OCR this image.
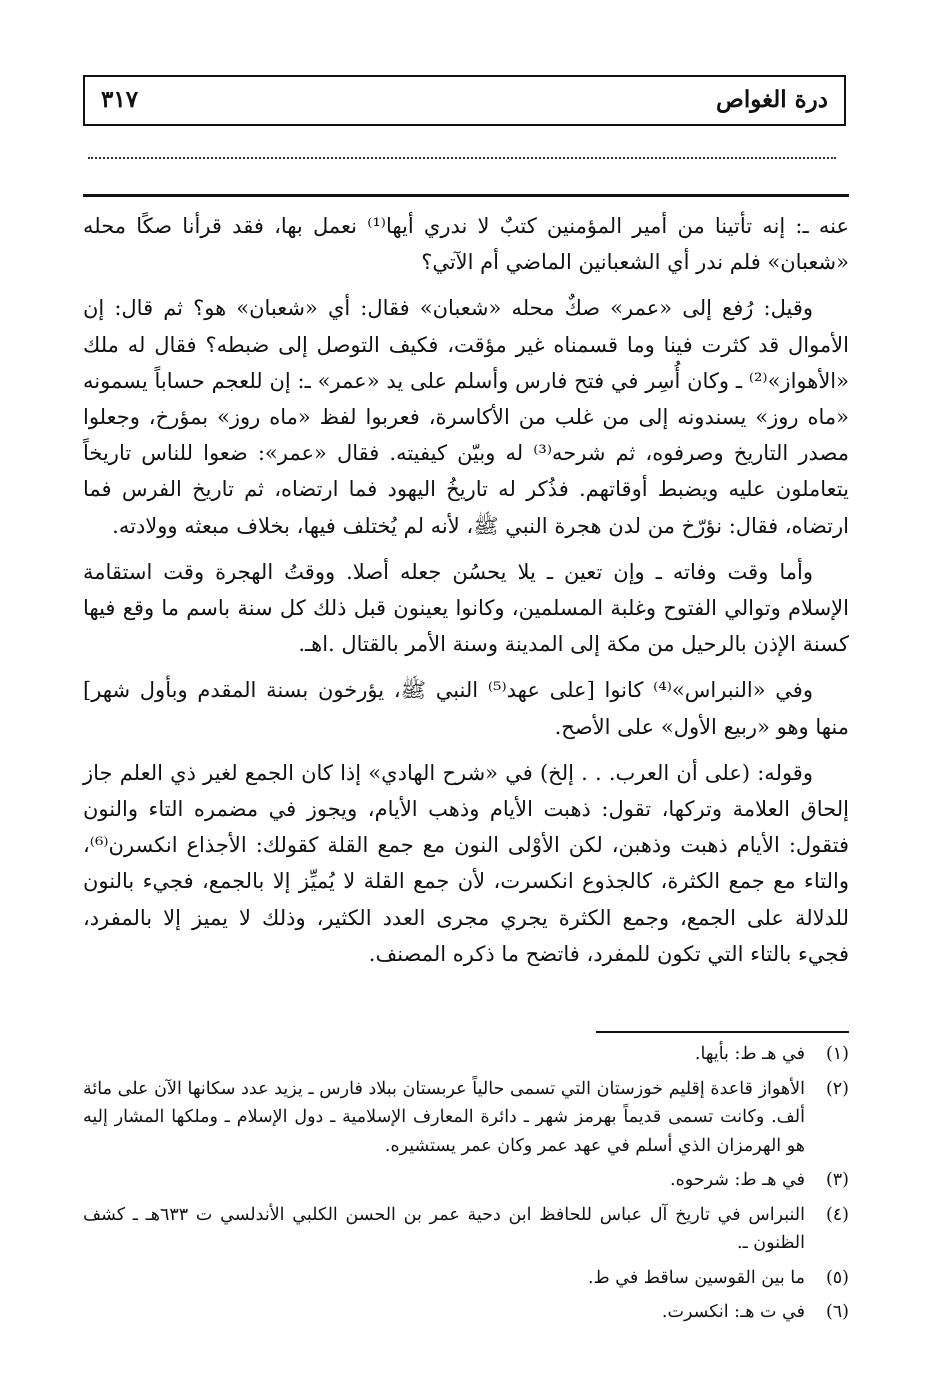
درة الغواص
٣١٧

عنه ـ: إنه تأتينا من أمير المؤمنين كتبٌ لا ندري أيها⁽¹⁾ نعمل بها، فقد قرأنا صكًا محله «شعبان» فلم ندر أي الشعبانين الماضي أم الآتي؟

وقيل: رُفع إلى «عمر» صكٌ محله «شعبان» فقال: أي «شعبان» هو؟ ثم قال: إن الأموال قد كثرت فينا وما قسمناه غير مؤقت، فكيف التوصل إلى ضبطه؟ فقال له ملك «الأهواز»⁽²⁾ ـ وكان أُسِر في فتح فارس وأسلم على يد «عمر» ـ: إن للعجم حساباً يسمونه «ماه روز» يسندونه إلى من غلب من الأكاسرة، فعربوا لفظ «ماه روز» بمؤرخ، وجعلوا مصدر التاريخ وصرفوه، ثم شرحه⁽³⁾ له وبيّن كيفيته. فقال «عمر»: ضعوا للناس تاريخاً يتعاملون عليه ويضبط أوقاتهم. فذُكر له تاريخُ اليهود فما ارتضاه، ثم تاريخ الفرس فما ارتضاه، فقال: نؤرّخ من لدن هجرة النبي ﷺ، لأنه لم يُختلف فيها، بخلاف مبعثه وولادته.

وأما وقت وفاته ـ وإن تعين ـ يلا يحسُن جعله أصلا. ووقتُ الهجرة وقت استقامة الإسلام وتوالي الفتوح وغلبة المسلمين، وكانوا يعينون قبل ذلك كل سنة باسم ما وقع فيها كسنة الإذن بالرحيل من مكة إلى المدينة وسنة الأمر بالقتال .اهـ.

وفي «النبراس»⁽⁴⁾ كانوا [على عهد⁽⁵⁾ النبي ﷺ، يؤرخون بسنة المقدم وبأول شهر] منها وهو «ربيع الأول» على الأصح.

وقوله: (على أن العرب. . . إلخ) في «شرح الهادي» إذا كان الجمع لغير ذي العلم جاز إلحاق العلامة وتركها، تقول: ذهبت الأيام وذهب الأيام، ويجوز في مضمره التاء والنون فتقول: الأيام ذهبت وذهبن، لكن الأوْلى النون مع جمع القلة كقولك: الأجذاع انكسرن⁽⁶⁾، والتاء مع جمع الكثرة، كالجذوع انكسرت، لأن جمع القلة لا يُميِّز إلا بالجمع، فجيء بالنون للدلالة على الجمع، وجمع الكثرة يجري مجرى العدد الكثير، وذلك لا يميز إلا بالمفرد، فجيء بالتاء التي تكون للمفرد، فاتضح ما ذكره المصنف.

(١)
في هـ ط: بأيها.
(٢)
الأهواز قاعدة إقليم خوزستان التي تسمى حالياً عربستان ببلاد فارس ـ يزيد عدد سكانها الآن على مائة ألف. وكانت تسمى قديماً بهرمز شهر ـ دائرة المعارف الإسلامية ـ دول الإسلام ـ وملكها المشار إليه هو الهرمزان الذي أسلم في عهد عمر وكان عمر يستشيره.
(٣)
في هـ ط: شرحوه.
(٤)
النبراس في تاريخ آل عباس للحافظ ابن دحية عمر بن الحسن الكلبي الأندلسي ت ٦٣٣هـ ـ كشف الظنون ـ.
(٥)
ما بين القوسين ساقط في ط.
(٦)
في ت هـ: انكسرت.
